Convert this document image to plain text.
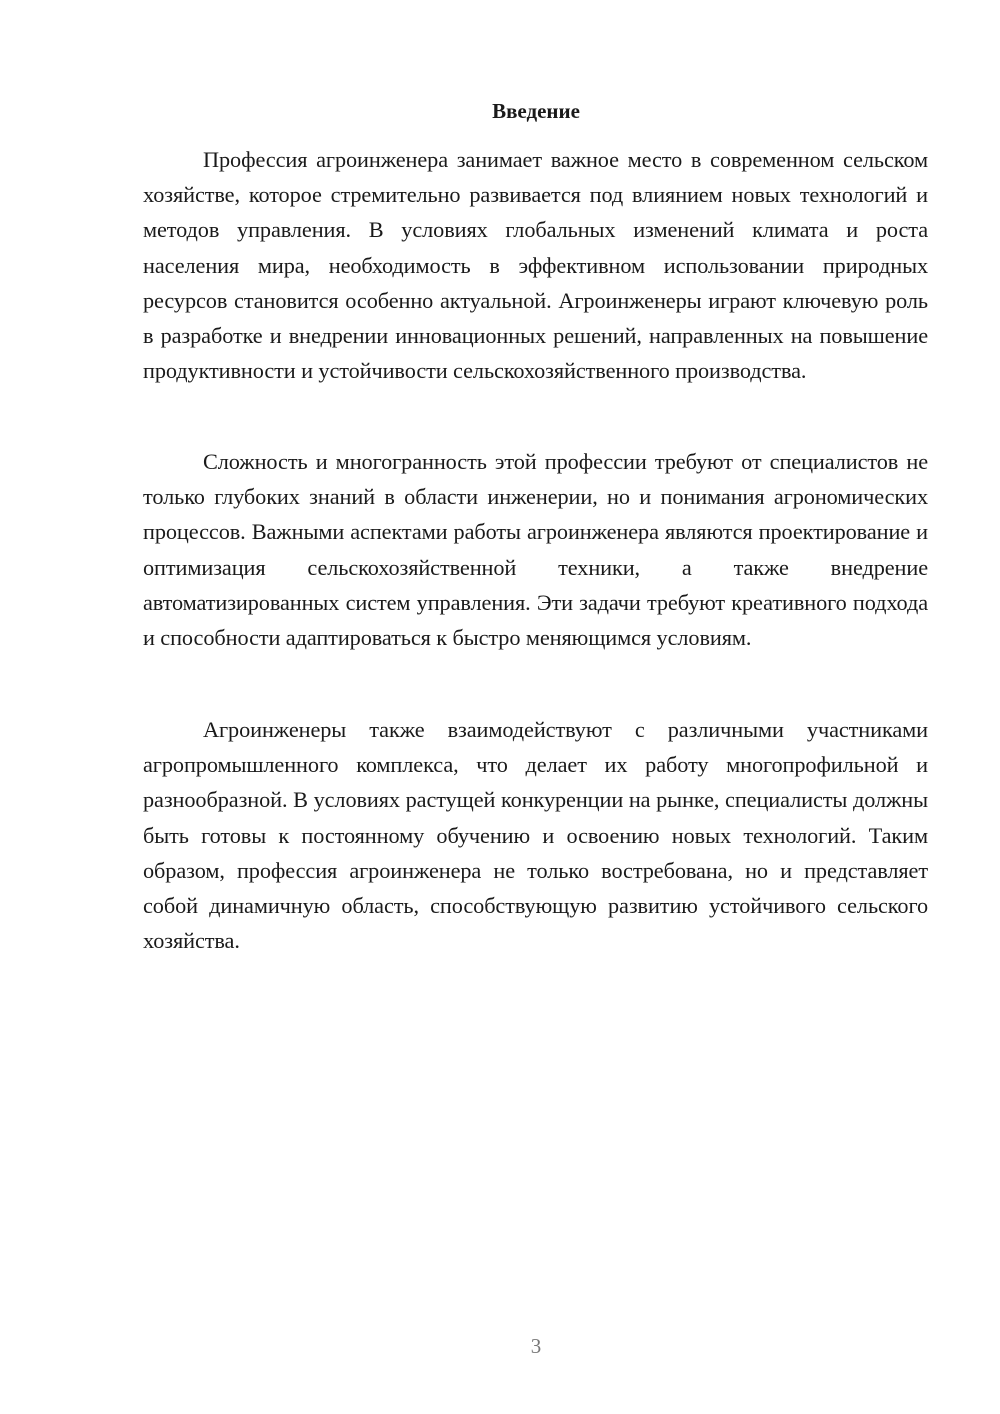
Введение

Профессия агроинженера занимает важное место в современном сельском хозяйстве, которое стремительно развивается под влиянием новых технологий и методов управления. В условиях глобальных изменений климата и роста населения мира, необходимость в эффективном использовании природных ресурсов становится особенно актуальной. Агроинженеры играют ключевую роль в разработке и внедрении инновационных решений, направленных на повышение продуктивности и устойчивости сельскохозяйственного производства.

Сложность и многогранность этой профессии требуют от специалистов не только глубоких знаний в области инженерии, но и понимания агрономических процессов. Важными аспектами работы агроинженера являются проектирование и оптимизация сельскохозяйственной техники, а также внедрение автоматизированных систем управления. Эти задачи требуют креативного подхода и способности адаптироваться к быстро меняющимся условиям.

Агроинженеры также взаимодействуют с различными участниками агропромышленного комплекса, что делает их работу многопрофильной и разнообразной. В условиях растущей конкуренции на рынке, специалисты должны быть готовы к постоянному обучению и освоению новых технологий. Таким образом, профессия агроинженера не только востребована, но и представляет собой динамичную область, способствующую развитию устойчивого сельского хозяйства.

3
